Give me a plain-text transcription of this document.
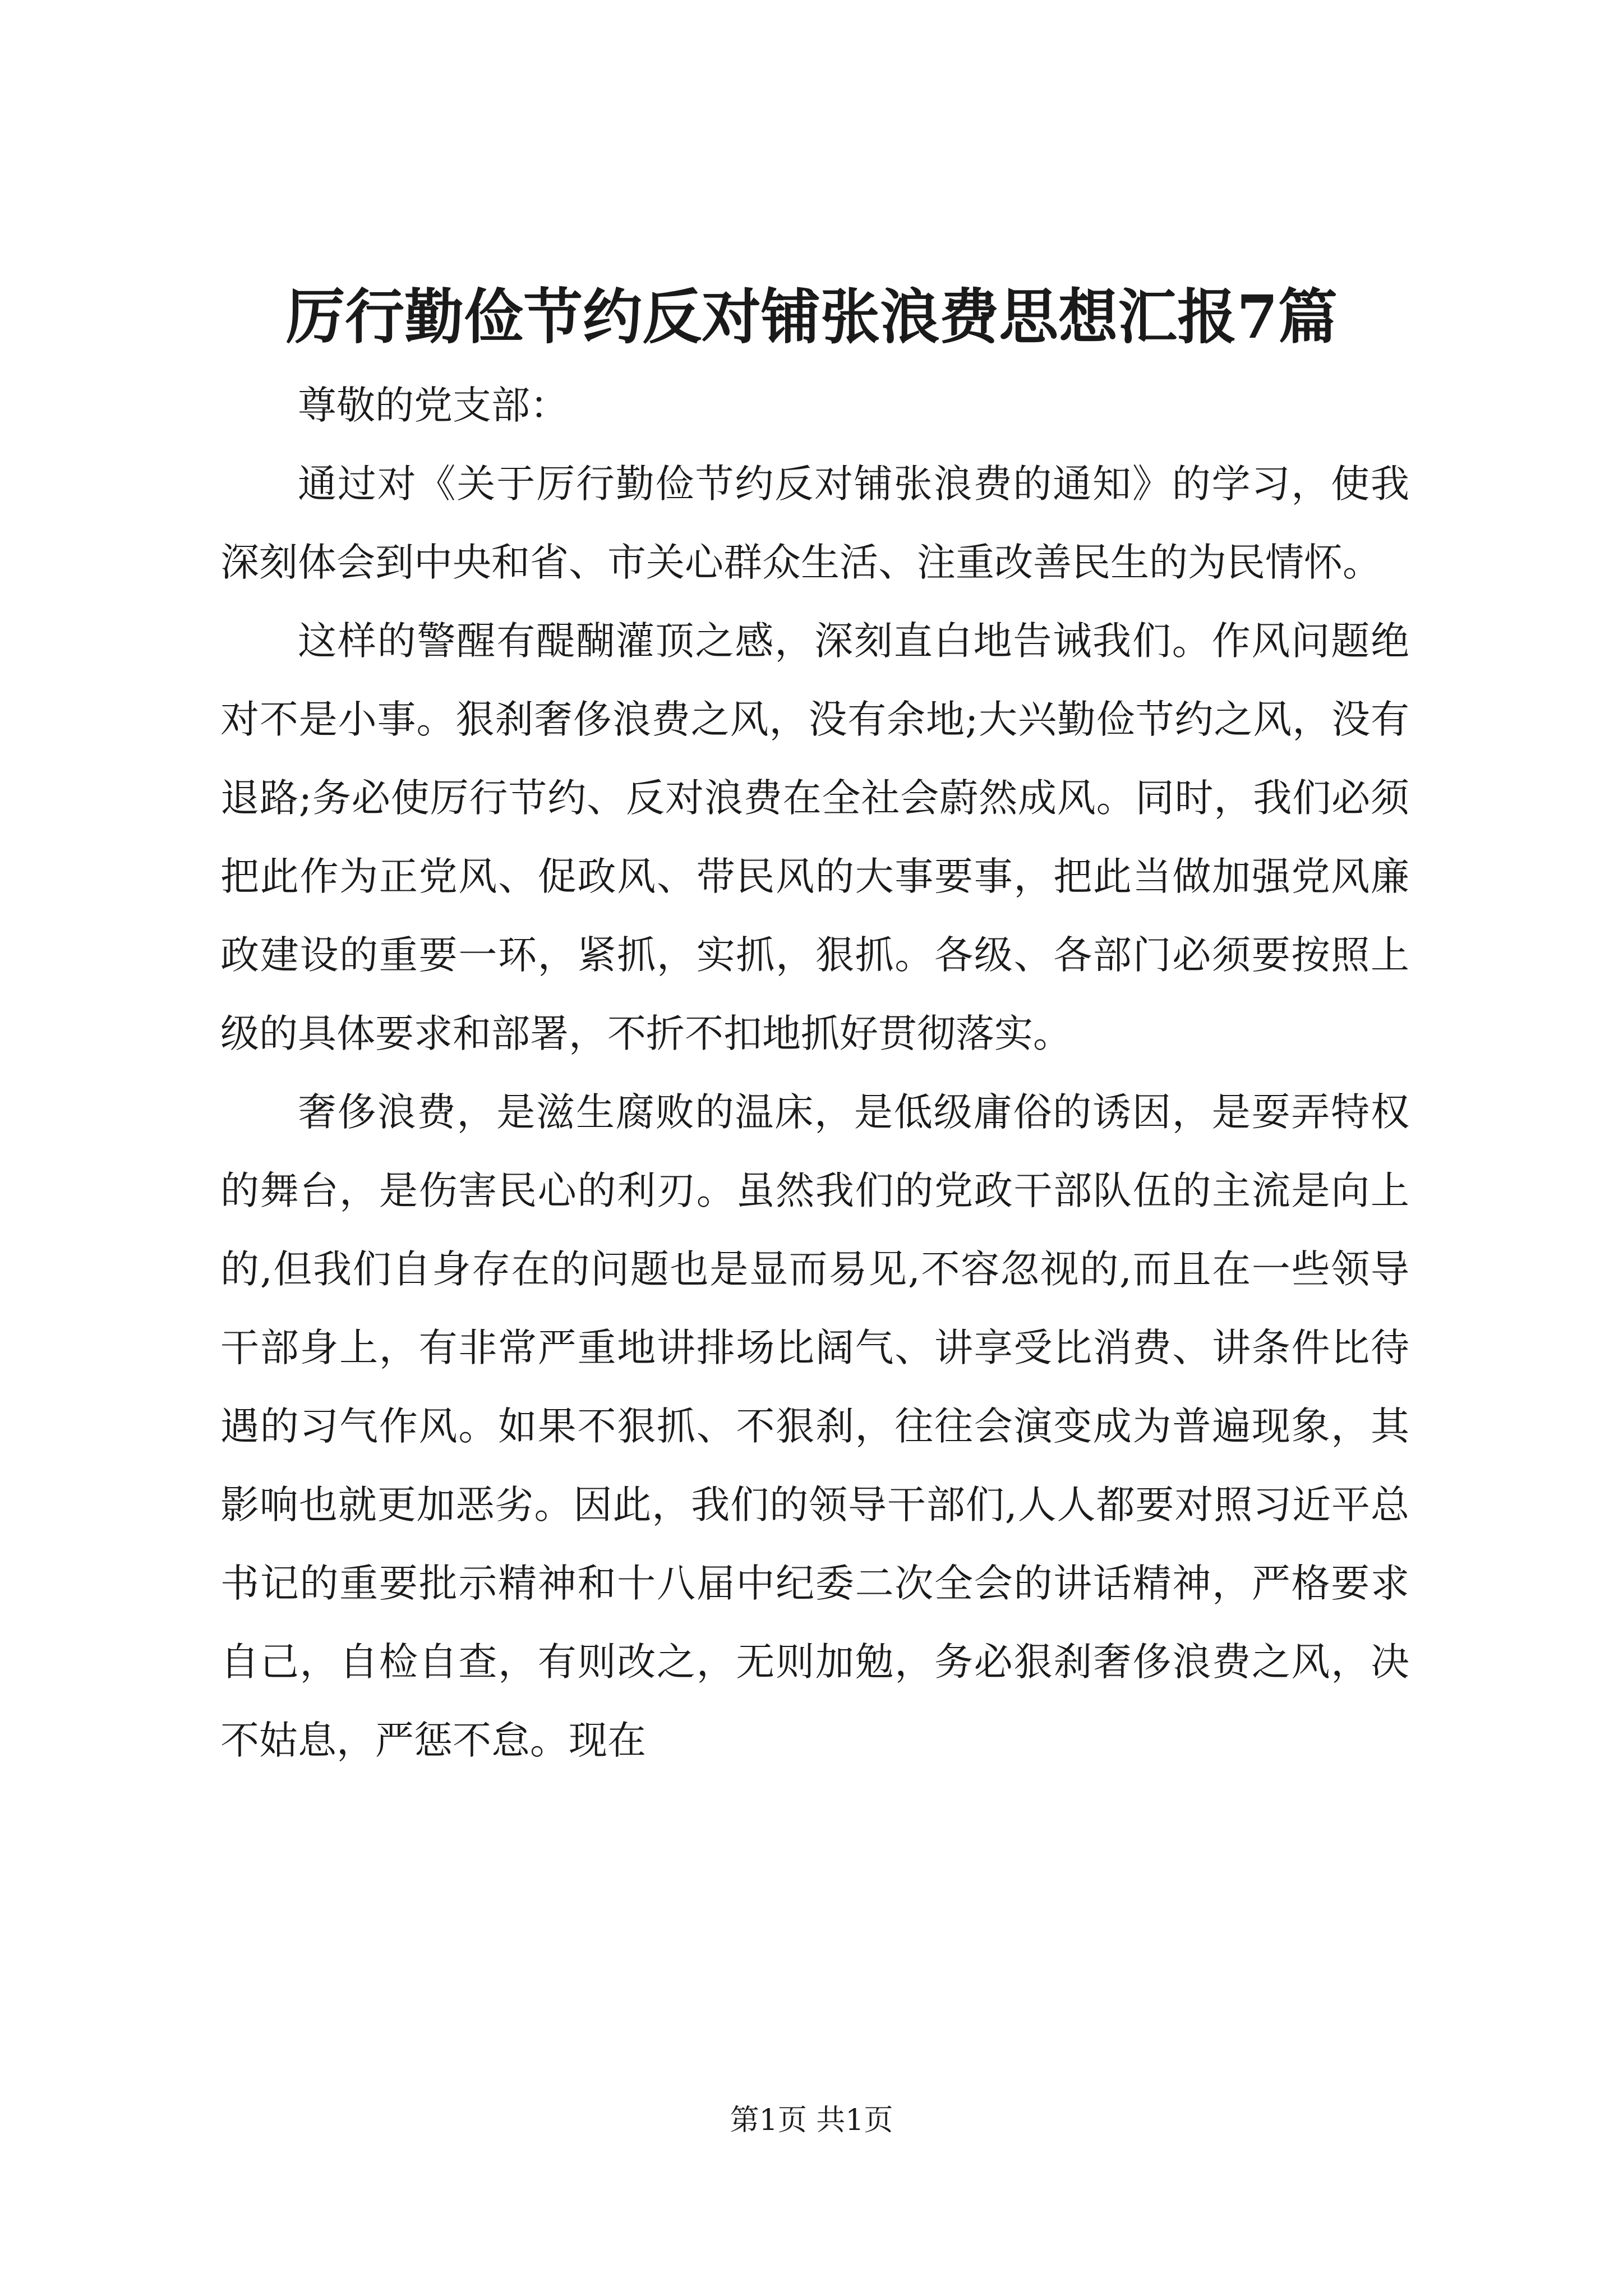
厉行勤俭节约反对铺张浪费思想汇报7篇

尊敬的党支部：

通过对《关于厉行勤俭节约反对铺张浪费的通知》的学习，使我深刻体会到中央和省、市关心群众生活、注重改善民生的为民情怀。

这样的警醒有醍醐灌顶之感，深刻直白地告诫我们。作风问题绝对不是小事。狠刹奢侈浪费之风，没有余地;大兴勤俭节约之风，没有退路;务必使厉行节约、反对浪费在全社会蔚然成风。同时，我们必须把此作为正党风、促政风、带民风的大事要事，把此当做加强党风廉政建设的重要一环，紧抓，实抓，狠抓。各级、各部门必须要按照上级的具体要求和部署，不折不扣地抓好贯彻落实。

奢侈浪费，是滋生腐败的温床，是低级庸俗的诱因，是耍弄特权的舞台，是伤害民心的利刃。虽然我们的党政干部队伍的主流是向上的,但我们自身存在的问题也是显而易见,不容忽视的,而且在一些领导干部身上，有非常严重地讲排场比阔气、讲享受比消费、讲条件比待遇的习气作风。如果不狠抓、不狠刹，往往会演变成为普遍现象，其影响也就更加恶劣。因此，我们的领导干部们,人人都要对照习近平总书记的重要批示精神和十八届中纪委二次全会的讲话精神，严格要求自己，自检自查，有则改之，无则加勉，务必狠刹奢侈浪费之风，决不姑息，严惩不怠。现在

第1页 共1页
